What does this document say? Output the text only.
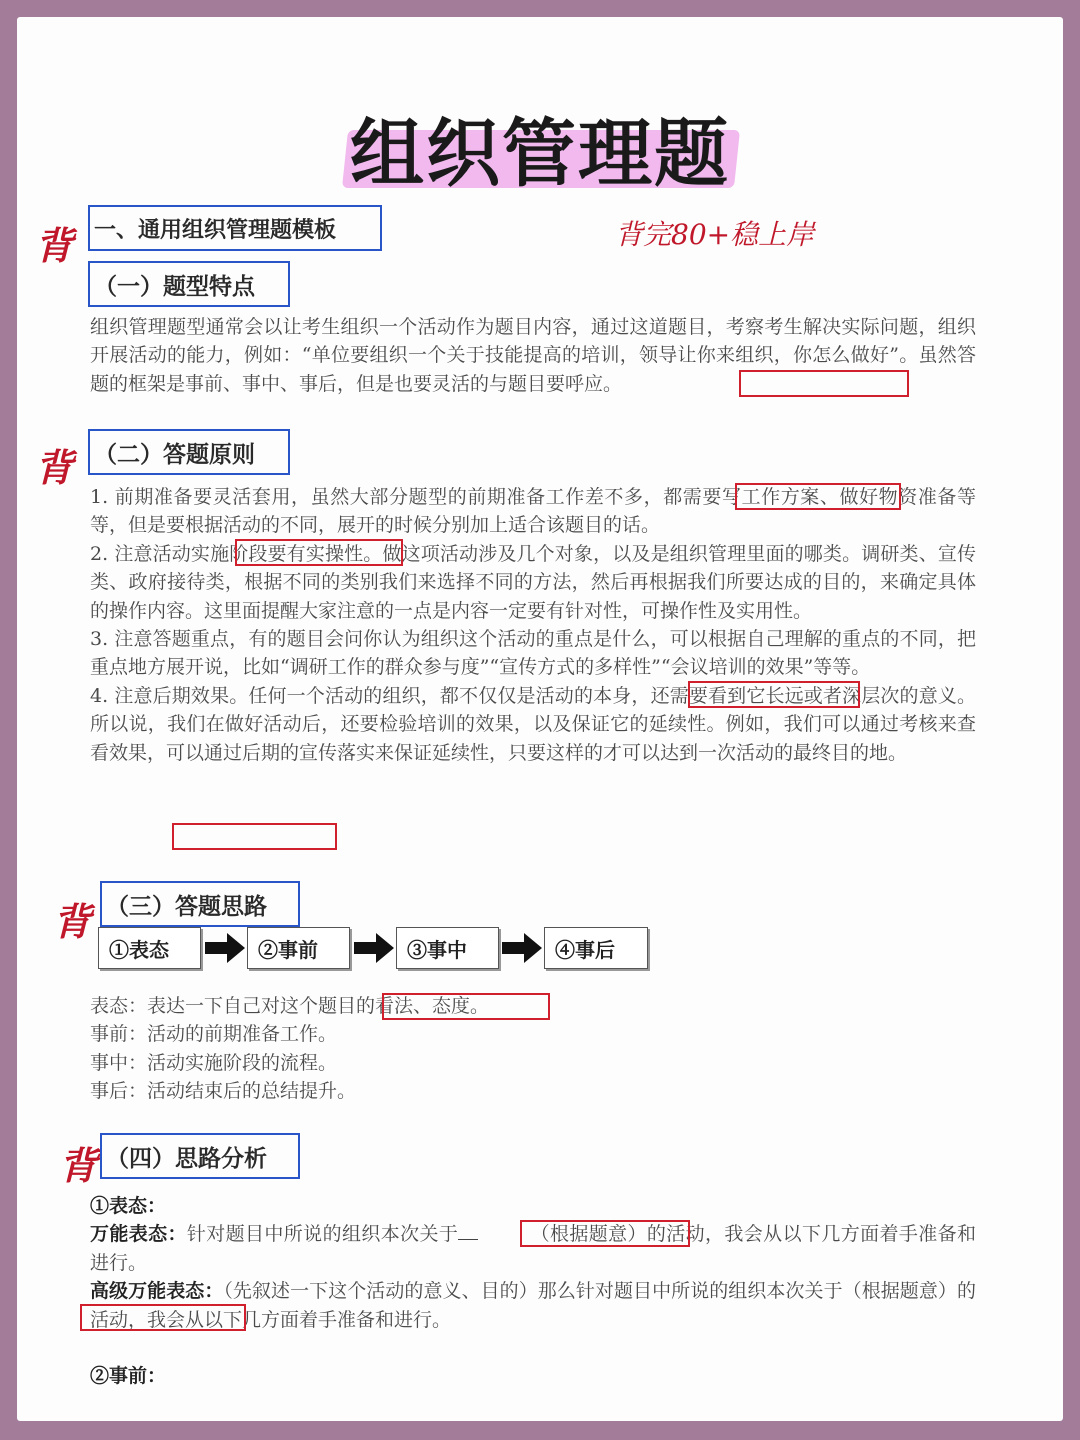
组织管理题
背	背完80+稳上岸
背
背
背
一、通用组织管理题模板
（一）题型特点

组织管理题型通常会以让考生组织一个活动作为题目内容，通过这道题目，考察考生解决实际问题，组织开展活动的能力，例如：“单位要组织一个关于技能提高的培训，领导让你来组织，你怎么做好”。虽然答题的框架是事前、事中、事后，但是也要灵活的与题目要呼应。

（二）答题原则

1. 前期准备要灵活套用，虽然大部分题型的前期准备工作差不多，都需要写工作方案、做好物资准备等等，但是要根据活动的不同，展开的时候分别加上适合该题目的话。

2. 注意活动实施阶段要有实操性。做这项活动涉及几个对象，以及是组织管理里面的哪类。调研类、宣传类、政府接待类，根据不同的类别我们来选择不同的方法，然后再根据我们所要达成的目的，来确定具体的操作内容。这里面提醒大家注意的一点是内容一定要有针对性，可操作性及实用性。

3. 注意答题重点，有的题目会问你认为组织这个活动的重点是什么，可以根据自己理解的重点的不同，把重点地方展开说，比如“调研工作的群众参与度”“宣传方式的多样性”“会议培训的效果”等等。

4. 注意后期效果。任何一个活动的组织，都不仅仅是活动的本身，还需要看到它长远或者深层次的意义。所以说，我们在做好活动后，还要检验培训的效果，以及保证它的延续性。例如，我们可以通过考核来查看效果，可以通过后期的宣传落实来保证延续性，只要这样的才可以达到一次活动的最终目的地。

（三）答题思路
①表态	②事前	③事中	④事后

表态：表达一下自己对这个题目的看法、态度。

事前：活动的前期准备工作。

事中：活动实施阶段的流程。

事后：活动结束后的总结提升。

（四）思路分析

①表态：

万能表态：针对题目中所说的组织本次关于	（根据题意）的活动，我会从以下几方面着手准备和进行。

高级万能表态：（先叙述一下这个活动的意义、目的）那么针对题目中所说的组织本次关于（根据题意）的活动，我会从以下几方面着手准备和进行。

②事前：
